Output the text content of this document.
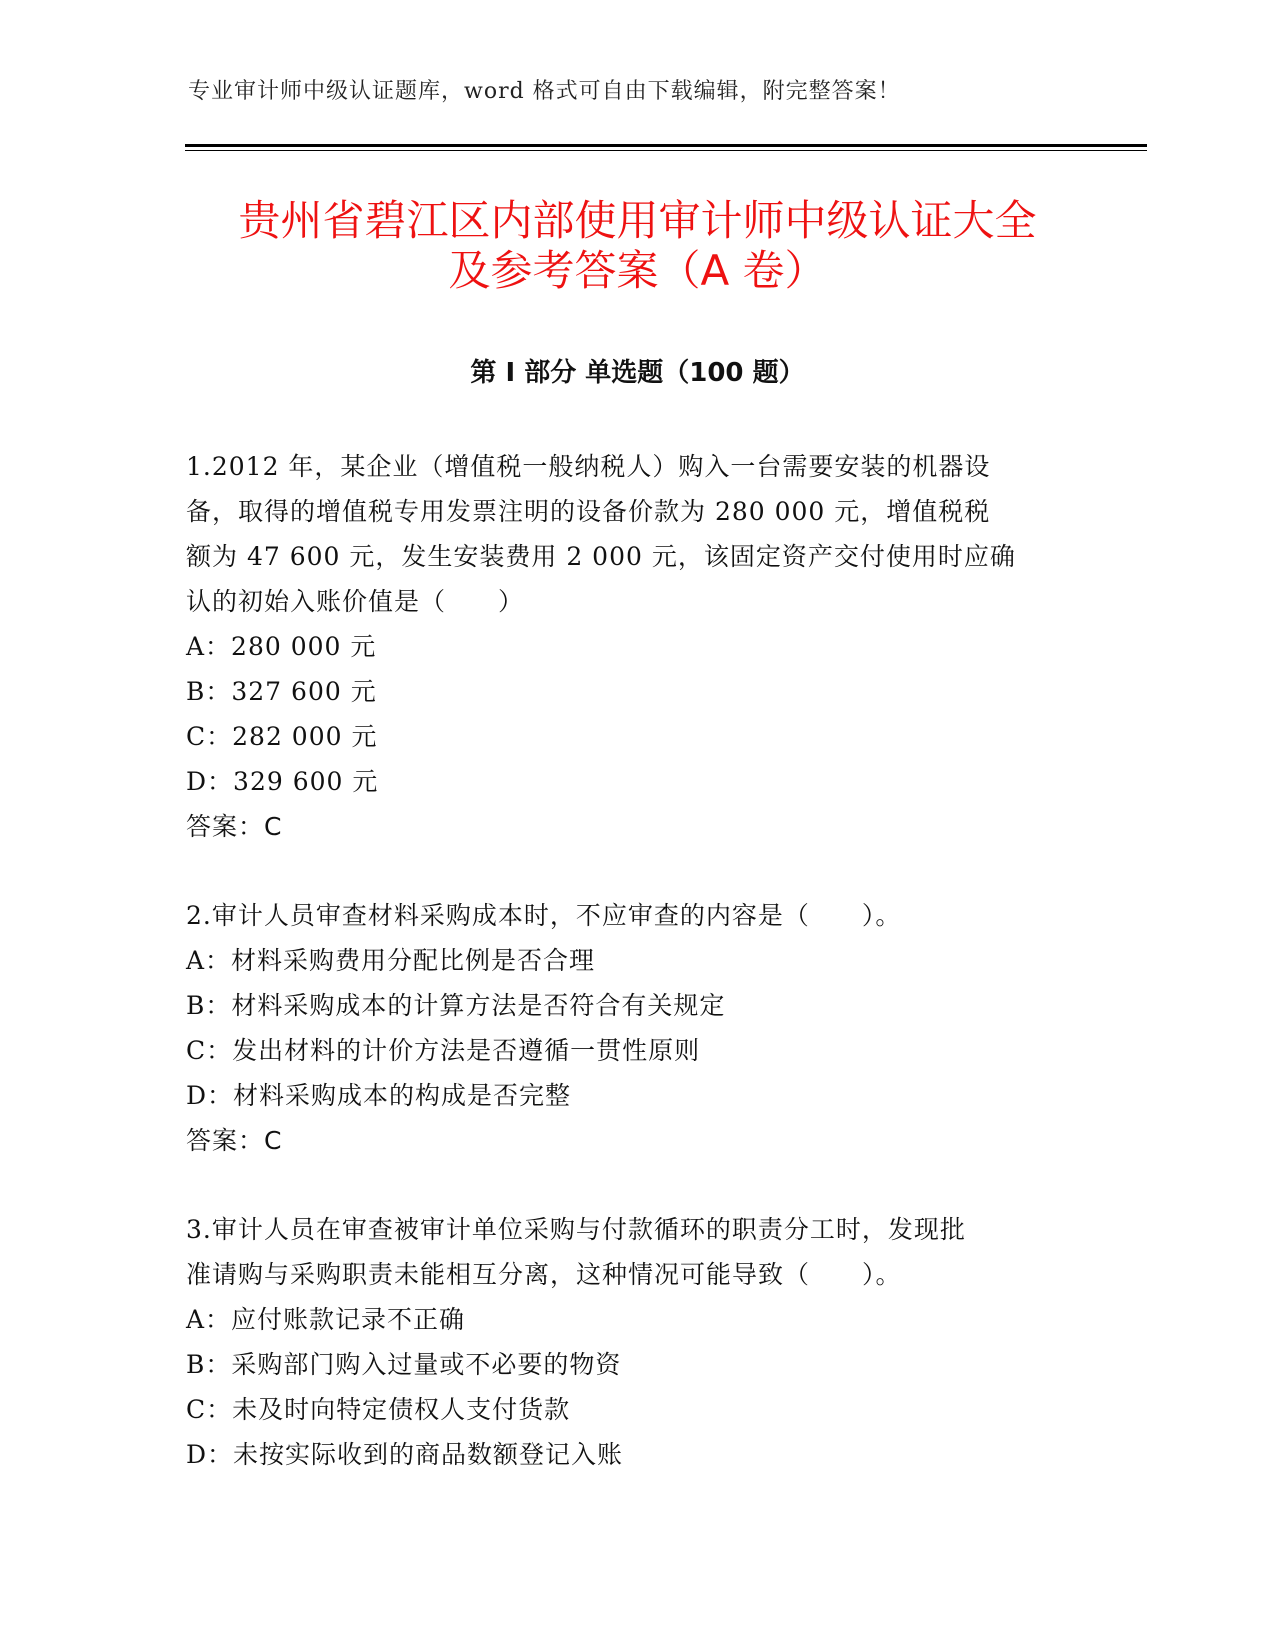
专业审计师中级认证题库，word 格式可自由下载编辑，附完整答案！
贵州省碧江区内部使用审计师中级认证大全
及参考答案（A 卷）
第 I 部分 单选题（100 题）
1.2012 年，某企业（增值税一般纳税人）购入一台需要安装的机器设
备，取得的增值税专用发票注明的设备价款为 280 000 元，增值税税
额为 47 600 元，发生安装费用 2 000 元，该固定资产交付使用时应确
认的初始入账价值是（　　）
A：280 000 元
B：327 600 元
C：282 000 元
D：329 600 元
答案：C
2.审计人员审查材料采购成本时，不应审查的内容是（　　）。
A：材料采购费用分配比例是否合理
B：材料采购成本的计算方法是否符合有关规定
C：发出材料的计价方法是否遵循一贯性原则
D：材料采购成本的构成是否完整
答案：C
3.审计人员在审查被审计单位采购与付款循环的职责分工时，发现批
准请购与采购职责未能相互分离，这种情况可能导致（　　）。
A：应付账款记录不正确
B：采购部门购入过量或不必要的物资
C：未及时向特定债权人支付货款
D：未按实际收到的商品数额登记入账
